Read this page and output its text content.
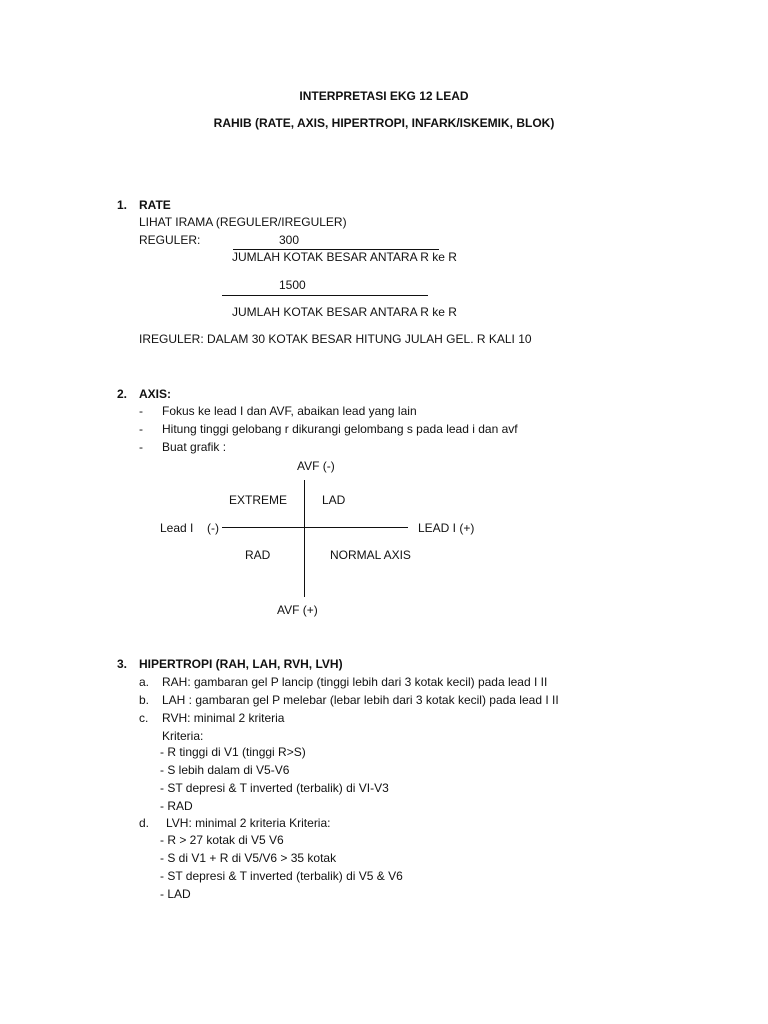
INTERPRETASI EKG 12 LEAD
RAHIB (RATE, AXIS, HIPERTROPI, INFARK/ISKEMIK, BLOK)
1. RATE
LIHAT IRAMA (REGULER/IREGULER)
REGULER:	300
JUMLAH KOTAK BESAR ANTARA R ke R
1500
JUMLAH KOTAK BESAR ANTARA R ke R
IREGULER: DALAM 30 KOTAK BESAR HITUNG JULAH GEL. R KALI 10
2. AXIS:
- Fokus ke lead I dan AVF, abaikan lead yang lain
- Hitung tinggi gelobang r dikurangi gelombang s pada lead i dan avf
- Buat grafik :
AVF (-)
EXTREME	LAD
Lead I (-)	LEAD I (+)
RAD	NORMAL AXIS
AVF (+)
3. HIPERTROPI (RAH, LAH, RVH, LVH)
a. RAH: gambaran gel P lancip (tinggi lebih dari 3 kotak kecil) pada lead I II
b. LAH : gambaran gel P melebar (lebar lebih dari 3 kotak kecil) pada lead I II
c. RVH: minimal 2 kriteria
Kriteria:
- R tinggi di V1 (tinggi R>S)
- S lebih dalam di V5-V6
- ST depresi & T inverted (terbalik) di VI-V3
- RAD
d. LVH: minimal 2 kriteria Kriteria:
- R > 27 kotak di V5 V6
- S di V1 + R di V5/V6 > 35 kotak
- ST depresi & T inverted (terbalik) di V5 & V6
- LAD
